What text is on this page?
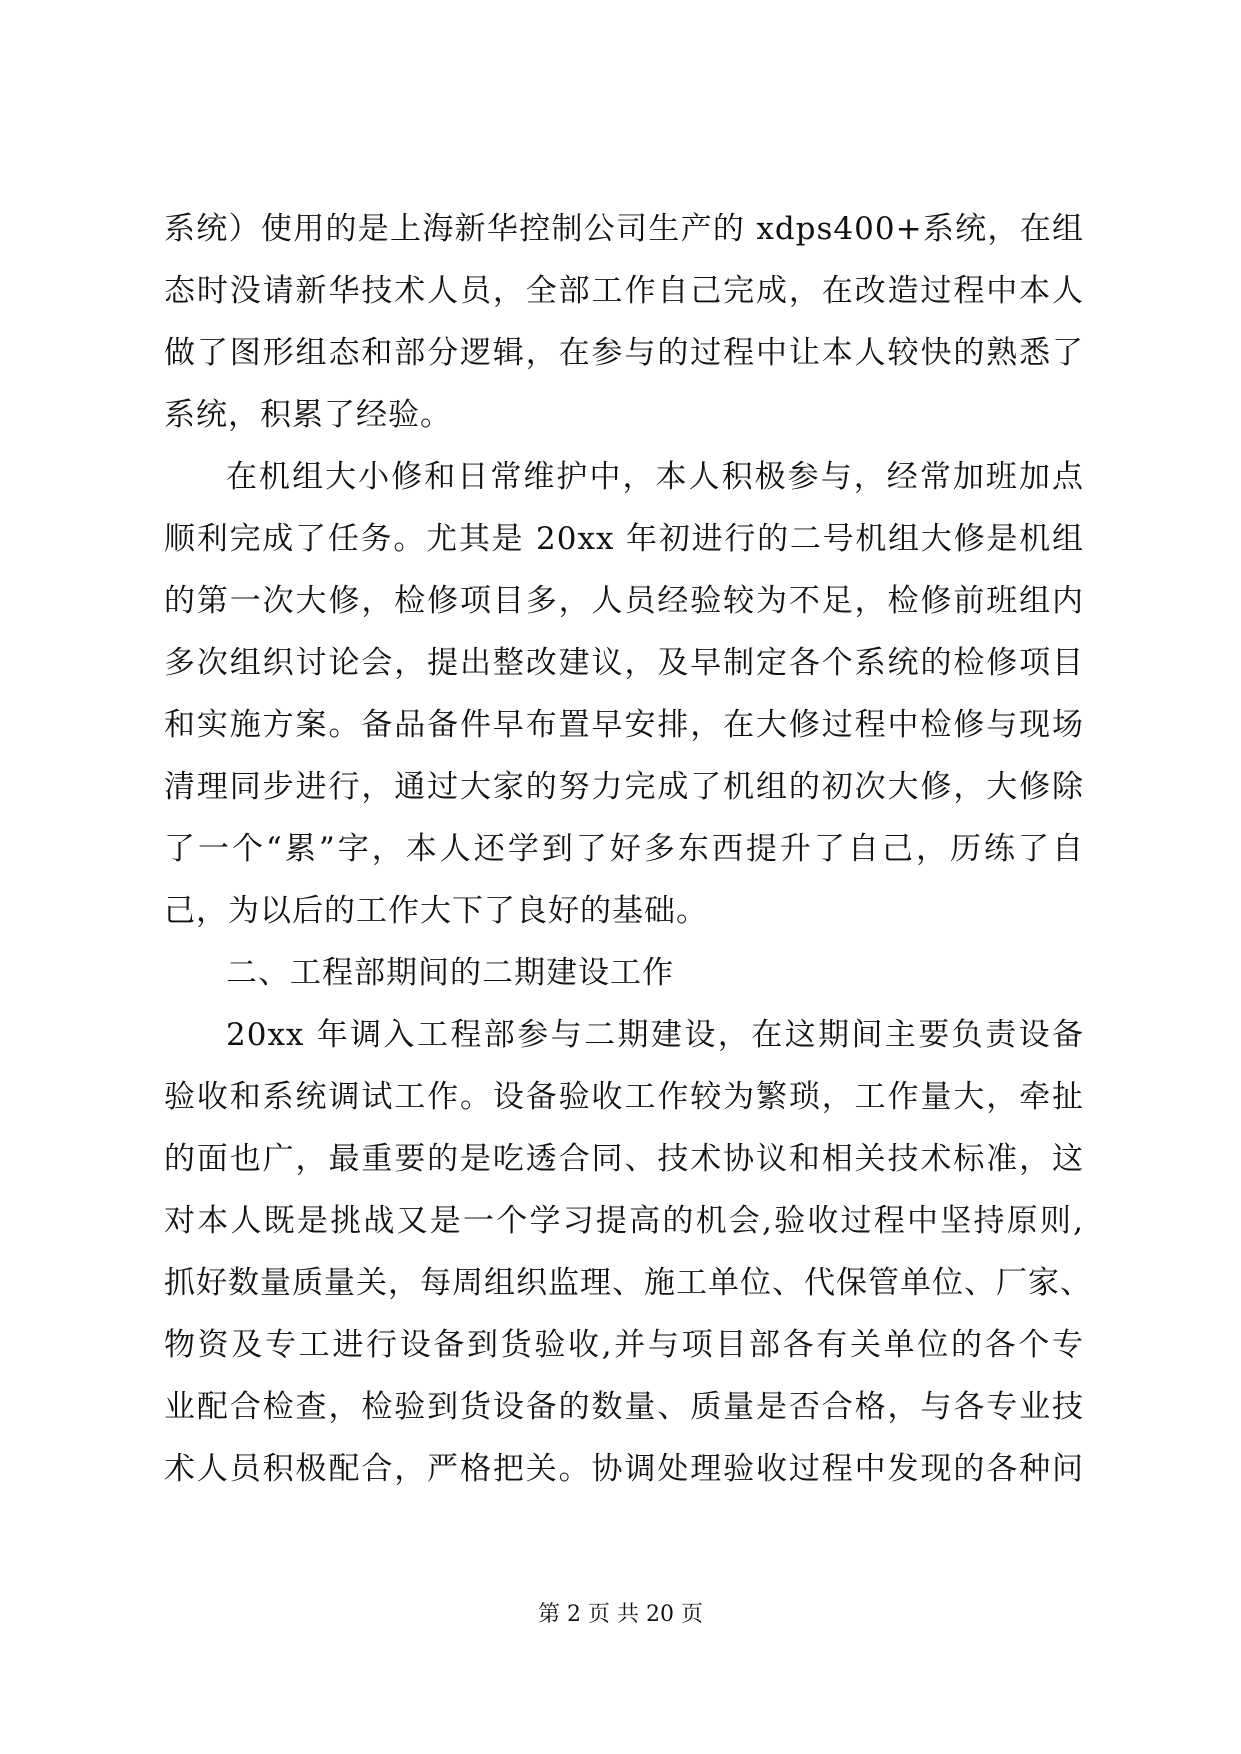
系统）使用的是上海新华控制公司生产的 xdps400+系统，在组
态时没请新华技术人员，全部工作自己完成，在改造过程中本人
做了图形组态和部分逻辑，在参与的过程中让本人较快的熟悉了
系统，积累了经验。
在机组大小修和日常维护中，本人积极参与，经常加班加点
顺利完成了任务。尤其是 20xx 年初进行的二号机组大修是机组
的第一次大修，检修项目多，人员经验较为不足，检修前班组内
多次组织讨论会，提出整改建议，及早制定各个系统的检修项目
和实施方案。备品备件早布置早安排，在大修过程中检修与现场
清理同步进行，通过大家的努力完成了机组的初次大修，大修除
了一个“累”字，本人还学到了好多东西提升了自己，历练了自
己，为以后的工作大下了良好的基础。
二、工程部期间的二期建设工作
20xx 年调入工程部参与二期建设，在这期间主要负责设备
验收和系统调试工作。设备验收工作较为繁琐，工作量大，牵扯
的面也广，最重要的是吃透合同、技术协议和相关技术标准，这
对本人既是挑战又是一个学习提高的机会,验收过程中坚持原则,
抓好数量质量关，每周组织监理、施工单位、代保管单位、厂家、
物资及专工进行设备到货验收,并与项目部各有关单位的各个专
业配合检查，检验到货设备的数量、质量是否合格，与各专业技
术人员积极配合，严格把关。协调处理验收过程中发现的各种问
第 2 页 共 20 页
